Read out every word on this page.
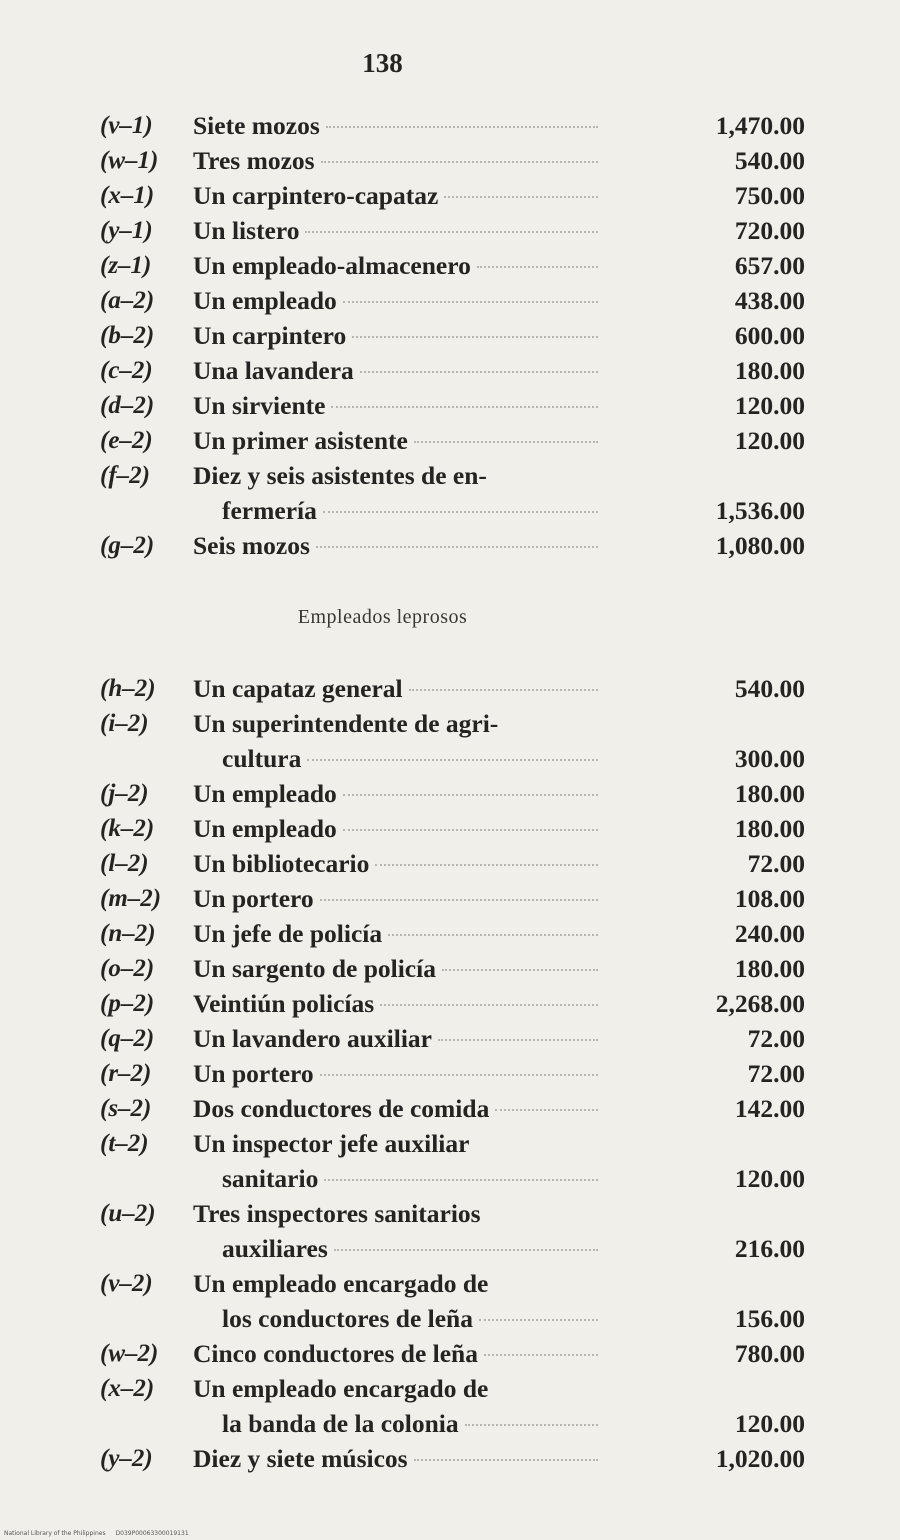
138
(v–1)	Siete mozos	1,470.00
(w–1)	Tres mozos	540.00
(x–1)	Un carpintero-capataz	750.00
(y–1)	Un listero	720.00
(z–1)	Un empleado-almacenero	657.00
(a–2)	Un empleado	438.00
(b–2)	Un carpintero	600.00
(c–2)	Una lavandera	180.00
(d–2)	Un sirviente	120.00
(e–2)	Un primer asistente	120.00
(f–2)	Diez y seis asistentes de en-
fermería	1,536.00
(g–2)	Seis mozos	1,080.00
Empleados leprosos
(h–2)	Un capataz general	540.00
(i–2)	Un superintendente de agri-
cultura	300.00
(j–2)	Un empleado	180.00
(k–2)	Un empleado	180.00
(l–2)	Un bibliotecario	72.00
(m–2)	Un portero	108.00
(n–2)	Un jefe de policía	240.00
(o–2)	Un sargento de policía	180.00
(p–2)	Veintiún policías	2,268.00
(q–2)	Un lavandero auxiliar	72.00
(r–2)	Un portero	72.00
(s–2)	Dos conductores de comida	142.00
(t–2)	Un inspector jefe auxiliar
sanitario	120.00
(u–2)	Tres inspectores sanitarios
auxiliares	216.00
(v–2)	Un empleado encargado de
los conductores de leña	156.00
(w–2)	Cinco conductores de leña	780.00
(x–2)	Un empleado encargado de
la banda de la colonia	120.00
(y–2)	Diez y siete músicos	1,020.00
National Library of the Philippines D039P00063300019131
